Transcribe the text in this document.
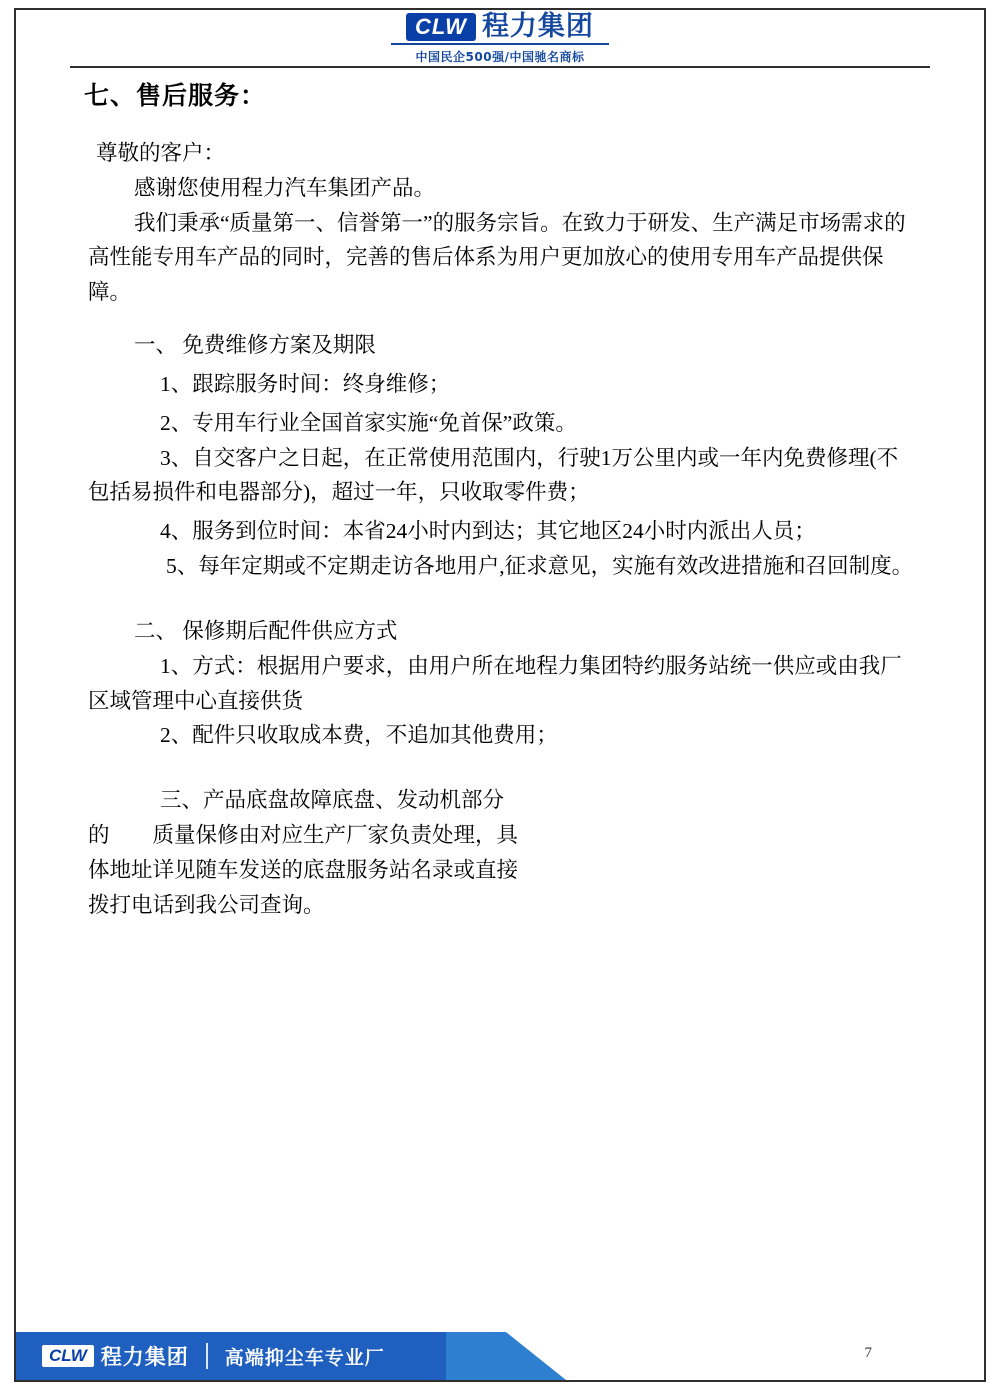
CLW 程力集团
中国民企500强/中国驰名商标
七、售后服务：

尊敬的客户：

感谢您使用程力汽车集团产品。

我们秉承“质量第一、信誉第一”的服务宗旨。在致力于研发、生产满足市场需求的高性能专用车产品的同时，完善的售后体系为用户更加放心的使用专用车产品提供保障。

一、 免费维修方案及期限

1、跟踪服务时间：终身维修；

2、专用车行业全国首家实施“免首保”政策。

3、自交客户之日起，在正常使用范围内，行驶1万公里内或一年内免费修理(不包括易损件和电器部分)，超过一年，只收取零件费；

4、服务到位时间：本省24小时内到达；其它地区24小时内派出人员；

5、每年定期或不定期走访各地用户,征求意见，实施有效改进措施和召回制度。

二、 保修期后配件供应方式

1、方式：根据用户要求，由用户所在地程力集团特约服务站统一供应或由我厂区域管理中心直接供货

2、配件只收取成本费，不追加其他费用；

三、产品底盘故障底盘、发动机部分

的　　质量保修由对应生产厂家负责处理，具　　体地址详见随车发送的底盘服务站名录或直接拨打电话到我公司查询。

CLW 程力集团 高端抑尘车专业厂	7
